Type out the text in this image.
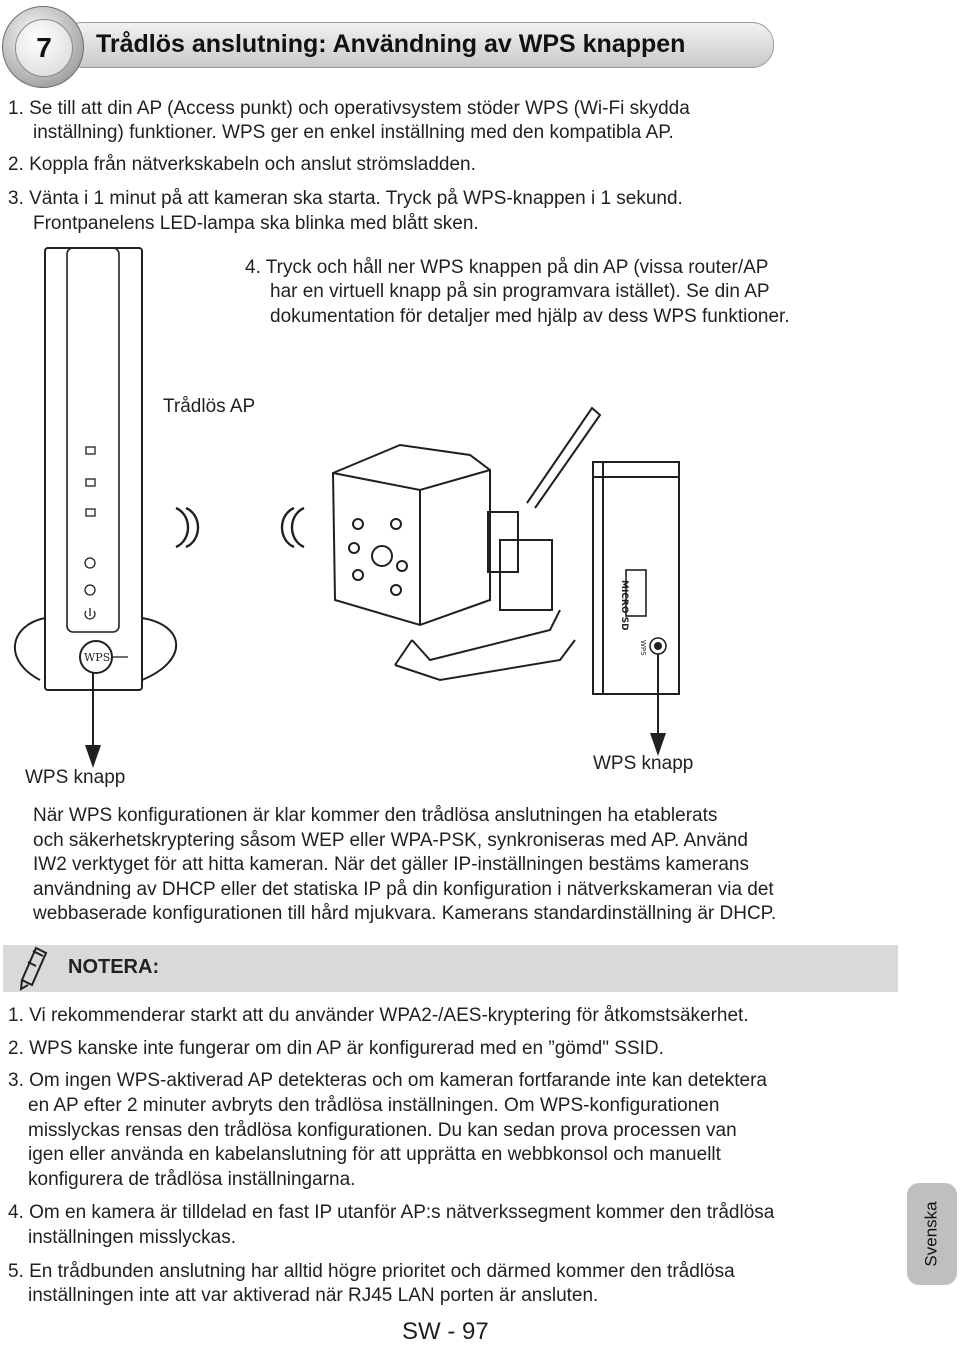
7	Trådlös anslutning: Användning av WPS knappen
1. Se till att din AP (Access punkt) och operativsystem stöder WPS (Wi-Fi skydda
inställning) funktioner. WPS ger en enkel inställning med den kompatibla AP.
2. Koppla från nätverkskabeln och anslut strömsladden.
3. Vänta i 1 minut på att kameran ska starta. Tryck på WPS-knappen i 1 sekund.
Frontpanelens LED-lampa ska blinka med blått sken.
4. Tryck och håll ner WPS knappen på din AP (vissa router/AP
har en virtuell knapp på sin programvara istället). Se din AP
dokumentation för detaljer med hjälp av dess WPS funktioner.
WPS
MICRO SD
WPS
Trådlös AP
WPS knapp
WPS knapp
När WPS konfigurationen är klar kommer den trådlösa anslutningen ha etablerats
och säkerhetskryptering såsom WEP eller WPA-PSK, synkroniseras med AP. Använd
IW2 verktyget för att hitta kameran. När det gäller IP-inställningen bestäms kamerans
användning av DHCP eller det statiska IP på din konfiguration i nätverkskameran via det
webbaserade konfigurationen till hård mjukvara. Kamerans standardinställning är DHCP.
NOTERA:
1. Vi rekommenderar starkt att du använder WPA2-/AES-kryptering för åtkomstsäkerhet.
2. WPS kanske inte fungerar om din AP är konfigurerad med en ”gömd" SSID.
3. Om ingen WPS-aktiverad AP detekteras och om kameran fortfarande inte kan detektera
en AP efter 2 minuter avbryts den trådlösa inställningen. Om WPS-konfigurationen
misslyckas rensas den trådlösa konfigurationen. Du kan sedan prova processen van
igen eller använda en kabelanslutning för att upprätta en webbkonsol och manuellt
konfigurera de trådlösa inställningarna.
4. Om en kamera är tilldelad en fast IP utanför AP:s nätverkssegment kommer den trådlösa
inställningen misslyckas.
5. En trådbunden anslutning har alltid högre prioritet och därmed kommer den trådlösa
inställningen inte att var aktiverad när RJ45 LAN porten är ansluten.
Svenska
SW - 97
